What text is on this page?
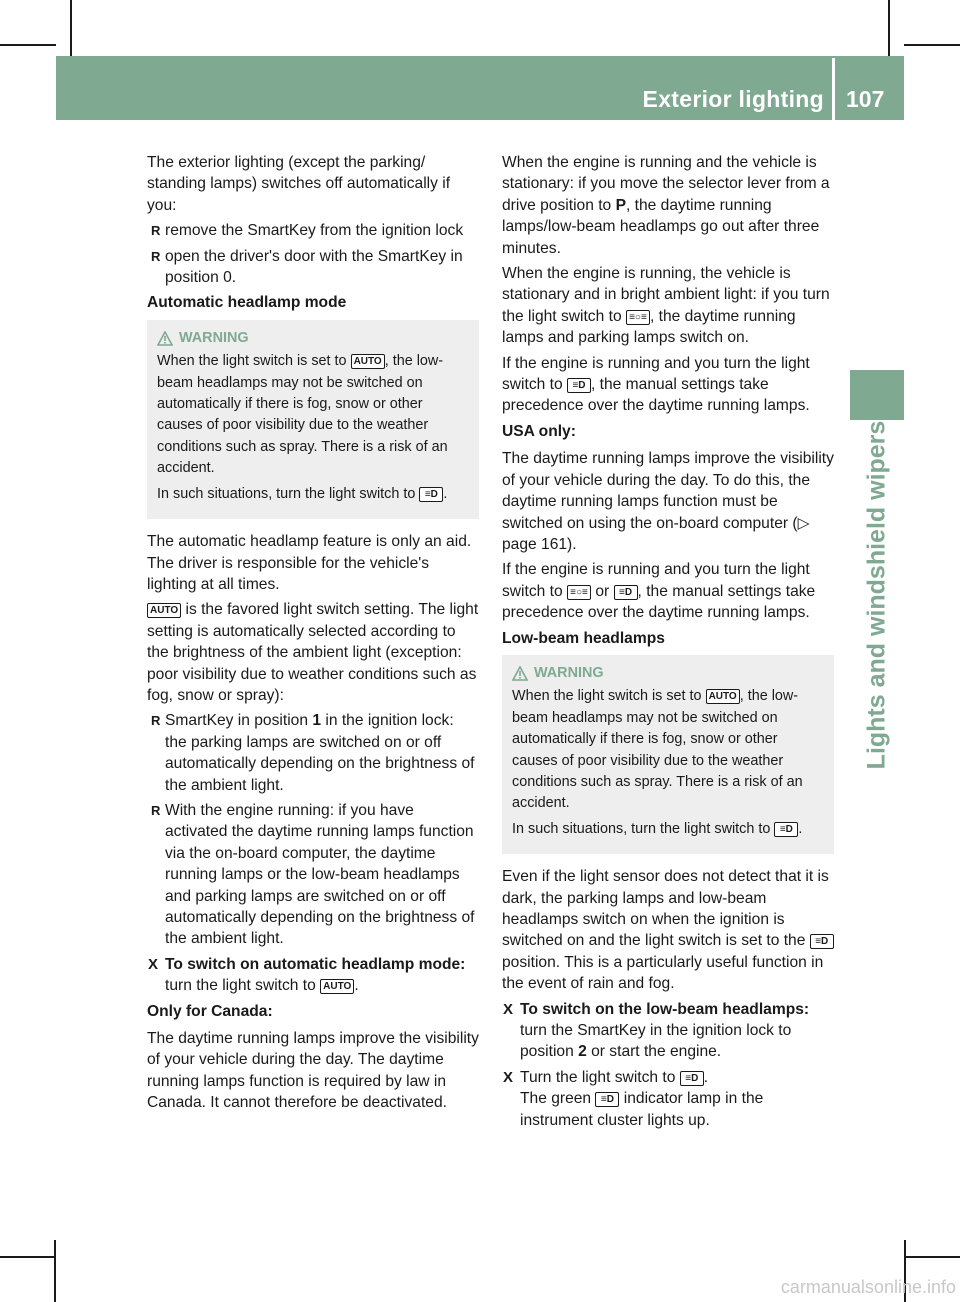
Exterior lighting 107
Lights and windshield wipers

The exterior lighting (except the parking/ standing lamps) switches off automatically if you:

R remove the SmartKey from the ignition lock
R open the driver's door with the SmartKey in position 0.

Automatic headlamp mode

WARNING

When the light switch is set to AUTO , the low-beam headlamps may not be switched on automatically if there is fog, snow or other causes of poor visibility due to the weather conditions such as spray. There is a risk of an accident.

In such situations, turn the light switch to ≡D .

The automatic headlamp feature is only an aid. The driver is responsible for the vehicle's lighting at all times.

AUTO is the favored light switch setting. The light setting is automatically selected according to the brightness of the ambient light (exception: poor visibility due to weather conditions such as fog, snow or spray):

R SmartKey in position 1 in the ignition lock: the parking lamps are switched on or off automatically depending on the brightness of the ambient light.
R With the engine running: if you have activated the daytime running lamps function via the on-board computer, the daytime running lamps or the low-beam headlamps and parking lamps are switched on or off automatically depending on the brightness of the ambient light.
X To switch on automatic headlamp mode: turn the light switch to AUTO .

Only for Canada:

The daytime running lamps improve the visibility of your vehicle during the day. The daytime running lamps function is required by law in Canada. It cannot therefore be deactivated.

When the engine is running and the vehicle is stationary: if you move the selector lever from a drive position to P, the daytime running lamps/low-beam headlamps go out after three minutes.

When the engine is running, the vehicle is stationary and in bright ambient light: if you turn the light switch to ≡○≡ , the daytime running lamps and parking lamps switch on.

If the engine is running and you turn the light switch to ≡D , the manual settings take precedence over the daytime running lamps.

USA only:

The daytime running lamps improve the visibility of your vehicle during the day. To do this, the daytime running lamps function must be switched on using the on-board computer (▷ page 161).

If the engine is running and you turn the light switch to ≡○≡ or ≡D , the manual settings take precedence over the daytime running lamps.

Low-beam headlamps

WARNING

When the light switch is set to AUTO , the low-beam headlamps may not be switched on automatically if there is fog, snow or other causes of poor visibility due to the weather conditions such as spray. There is a risk of an accident.

In such situations, turn the light switch to ≡D .

Even if the light sensor does not detect that it is dark, the parking lamps and low-beam headlamps switch on when the ignition is switched on and the light switch is set to the ≡D position. This is a particularly useful function in the event of rain and fog.

X To switch on the low-beam headlamps: turn the SmartKey in the ignition lock to position 2 or start the engine.
X Turn the light switch to ≡D .
The green ≡D indicator lamp in the instrument cluster lights up.
carmanualsonline.info
